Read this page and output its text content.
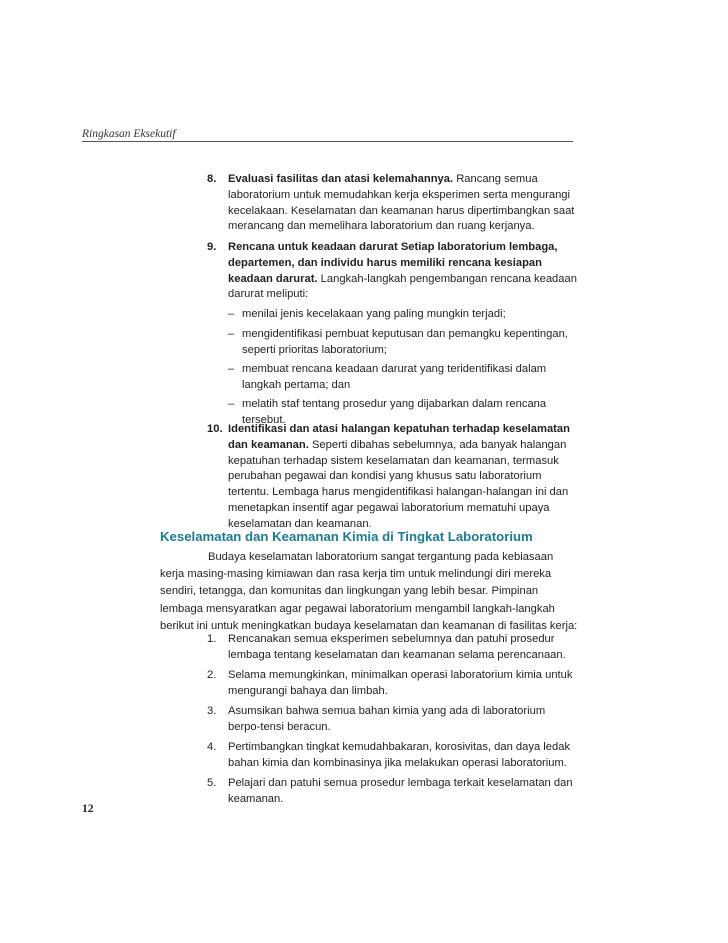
Ringkasan Eksekutif
8. Evaluasi fasilitas dan atasi kelemahannya. Rancang semua laboratorium untuk memudahkan kerja eksperimen serta mengurangi kecelakaan. Keselamatan dan keamanan harus dipertimbangkan saat merancang dan memelihara laboratorium dan ruang kerjanya.
9. Rencana untuk keadaan darurat Setiap laboratorium lembaga, departemen, dan individu harus memiliki rencana kesiapan keadaan darurat. Langkah-langkah pengembangan rencana keadaan darurat meliputi:
– menilai jenis kecelakaan yang paling mungkin terjadi;
– mengidentifikasi pembuat keputusan dan pemangku kepentingan, seperti prioritas laboratorium;
– membuat rencana keadaan darurat yang teridentifikasi dalam langkah pertama; dan
– melatih staf tentang prosedur yang dijabarkan dalam rencana tersebut.
10. Identifikasi dan atasi halangan kepatuhan terhadap keselamatan dan keamanan. Seperti dibahas sebelumnya, ada banyak halangan kepatuhan terhadap sistem keselamatan dan keamanan, termasuk perubahan pegawai dan kondisi yang khusus satu laboratorium tertentu. Lembaga harus mengidentifikasi halangan-halangan ini dan menetapkan insentif agar pegawai laboratorium mematuhi upaya keselamatan dan keamanan.
Keselamatan dan Keamanan Kimia di Tingkat Laboratorium
Budaya keselamatan laboratorium sangat tergantung pada kebiasaan kerja masing-masing kimiawan dan rasa kerja tim untuk melindungi diri mereka sendiri, tetangga, dan komunitas dan lingkungan yang lebih besar. Pimpinan lembaga mensyaratkan agar pegawai laboratorium mengambil langkah-langkah berikut ini untuk meningkatkan budaya keselamatan dan keamanan di fasilitas kerja:
1. Rencanakan semua eksperimen sebelumnya dan patuhi prosedur lembaga tentang keselamatan dan keamanan selama perencanaan.
2. Selama memungkinkan, minimalkan operasi laboratorium kimia untuk mengurangi bahaya dan limbah.
3. Asumsikan bahwa semua bahan kimia yang ada di laboratorium berpo-tensi beracun.
4. Pertimbangkan tingkat kemudahbakaran, korosivitas, dan daya ledak bahan kimia dan kombinasinya jika melakukan operasi laboratorium.
5. Pelajari dan patuhi semua prosedur lembaga terkait keselamatan dan keamanan.
12
